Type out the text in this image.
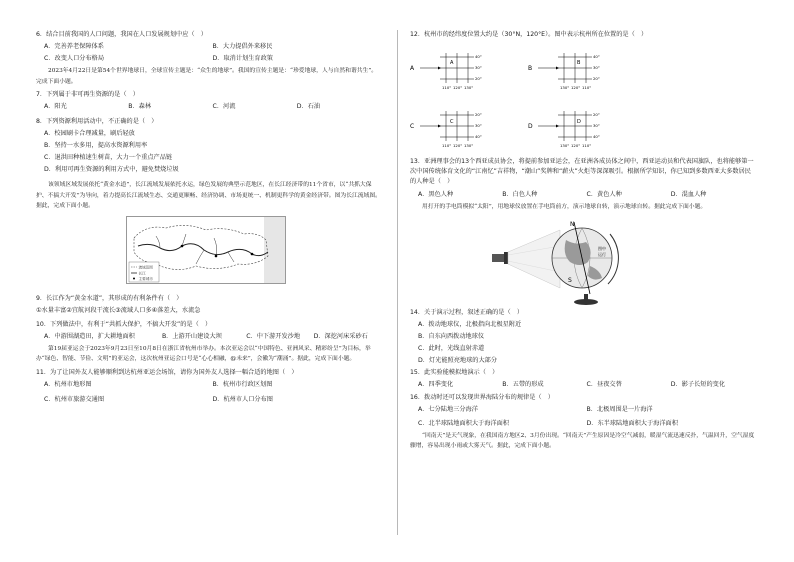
6．结合目前我国的人口问题，我国在人口发展规划中应（　）

A．完善养老保障体系	B．大力提倡外来移民
C．改变人口分布格局	D．取消计划生育政策

2023年4月22日是第54个世界地球日，全球宣传主题是：“众生的地球”。我国的宣传主题是：“珍爱地球，人与自然和谐共生”。完成下面小题。

7．下列属于非可再生资源的是（　）

A．阳光	B．森林	C．河流	D．石油

8．下列资源利用活动中，不正确的是（　）

A．校园刷卡合理减量，刷后轻放
B．坚持一水多用，提高水资源利用率
C．退洪田种植速生树苗，大力一个重点产品链
D．利用可再生资源的利用方式中，避免焚烧垃圾

该领域区域发展依托“黄金水道”，长江流域发展依托水运，绿色发展的典型示范地区，在长江经济带的11个省市，以“共抓大保护、不搞大开发”为导向，着力提高长江流域生态、交通更顺畅、经济协调、市场更统一、机制更科学的黄金经济带。图为长江流域图。据此，完成下面小题。

流域范围
长江
主要城市

9．长江作为“黄金水道”，其形成的有利条件有（　）

①水量丰富②宜航河段干流长③流域人口多④落差大，水流急

10．下列做法中，有利于“共抓大保护，不搞大开发”的是（　）

A．中游围湖造田，扩大耕地面积	B．上游开山建设大坝	C．中下游开发沙地	D．深挖河床采砂石

第19届亚运会于2023年9月23日至10月8日在浙江省杭州市举办。本次亚运会以“中国特色、亚洲风采、精彩纷呈”为目标，举办“绿色、智能、节俭、文明”的亚运会，这次杭州亚运会口号是“心心相融，@未来”，会徽为“潮涌”。据此，完成下面小题。

11．为了让国外友人能够顺利到达杭州亚运会场馆，请你为国外友人选择一幅合适的地图（　）

A．杭州市地形图	B．杭州市行政区划图
C．杭州市旅游交通图	D．杭州市人口分布图

12．杭州市的经纬度位置大约是（30°N，120°E）。图中表示杭州所在位置的是（　）

A
A
40°
30°
20°
110° 120° 130°
B
B
40°
30°
20°
130° 120° 110°
C
C
20°
30°
40°
110° 120° 130°
D
D
20°
30°
40°
130° 120° 110°

13．亚洲理事会的13个西亚成员协会，将提前参加亚运会，在亚洲各成员体之间中，西亚运动员和代表国旗队，也将能够第一次中国传统体育文化的“江南忆”吉祥物，“潮山”奖牌和“薪火”火炬等深深吸引。根据所学知识，你已知到多数西亚大多数居民的人种是（　）

A．黑色人种	B．白色人种	C．黄色人种	D．混血人种

用打开的手电筒模拟“太阳”，用地球仪放置在手电筒前方，演示地球自转，演示地球自转。据此完成下面小题。

N
S
图中
运行

14．关于演示过程，叙述正确的是（　）

A．拨动地球仪，北极指向北极星附近
B．自东向西拨动地球仪
C．此时，光线直射赤道
D．灯光能照亮地球的大部分

15．此实验能模拟地演示（　）

A．四季变化	B．五带的形成	C．昼夜交替	D．影子长短的变化

16．拨动时还可以发现世界海陆分布的规律是（　）

A．七分陆地三分海洋	B．北极周围是一片海洋
C．北半球陆地面积大于海洋面积	D．东半球陆地面积大于海洋面积

“回南天”是天气现象，在我国南方地区2、3月份出现。“回南天”产生原因是冷空气减弱，暖湿气流迅速反扑，气温回升，空气湿度骤增，容易出现小雨或大雾天气。据此，完成下面小题。
